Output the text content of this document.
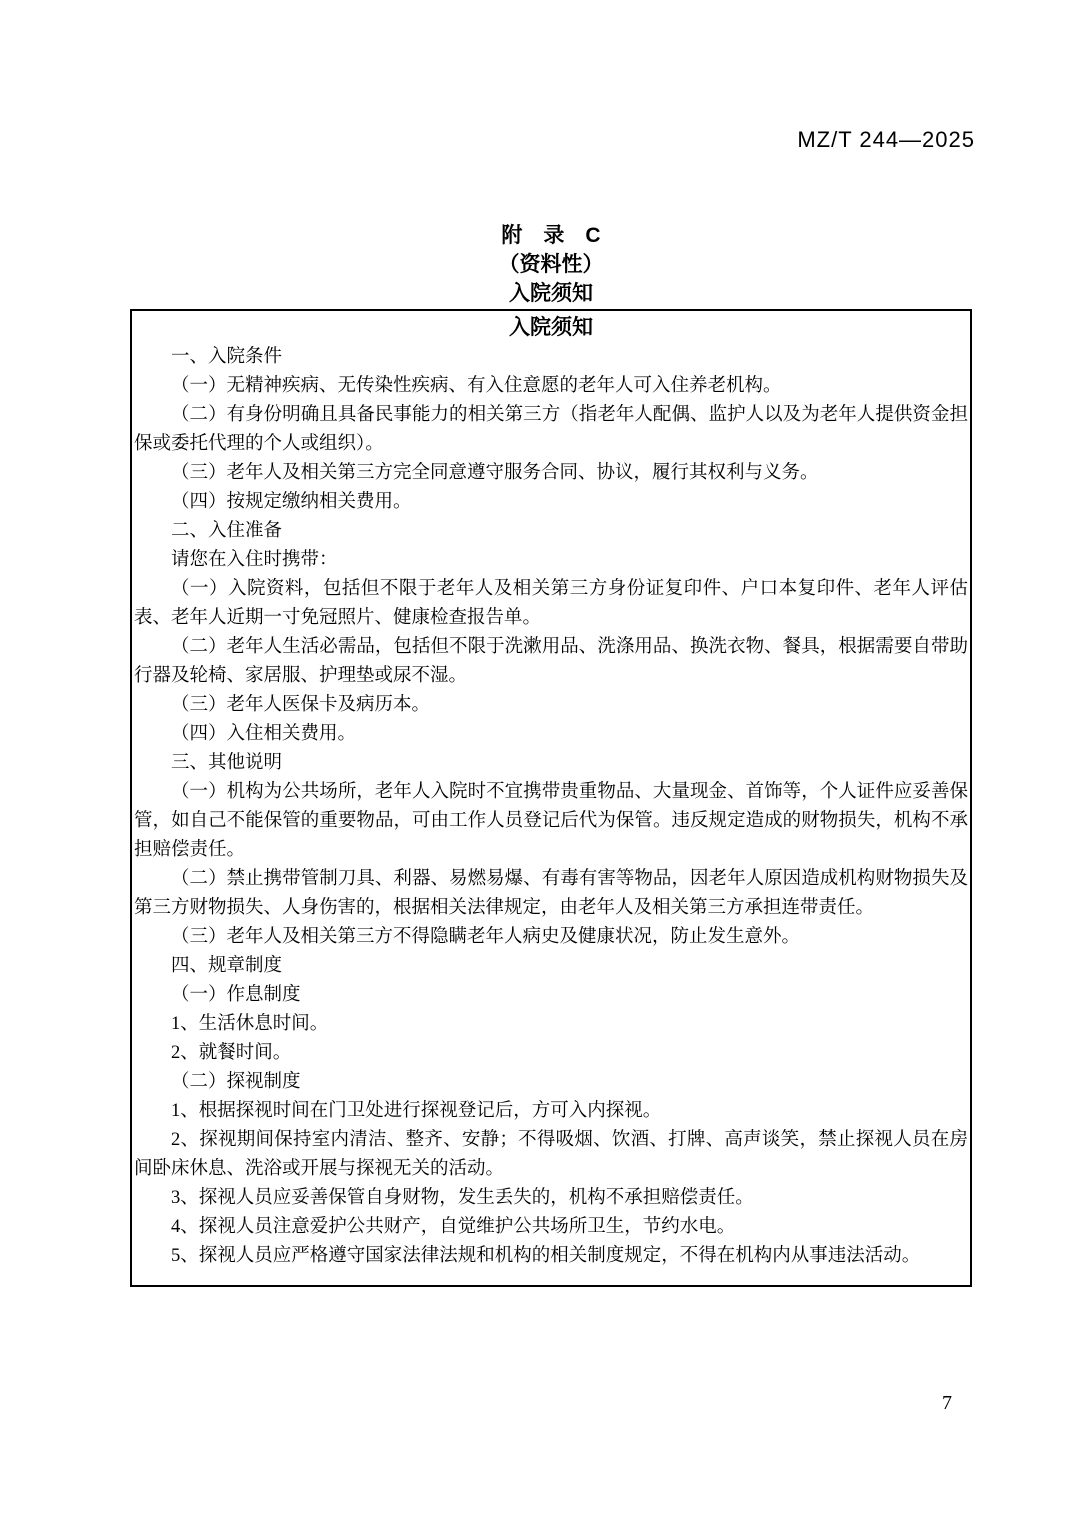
MZ/T 244—2025
附　录　C
（资料性）
入院须知
入院须知

一、入院条件

（一）无精神疾病、无传染性疾病、有入住意愿的老年人可入住养老机构。

（二）有身份明确且具备民事能力的相关第三方（指老年人配偶、监护人以及为老年人提供资金担保或委托代理的个人或组织）。

（三）老年人及相关第三方完全同意遵守服务合同、协议，履行其权利与义务。

（四）按规定缴纳相关费用。

二、入住准备

请您在入住时携带：

（一）入院资料，包括但不限于老年人及相关第三方身份证复印件、户口本复印件、老年人评估表、老年人近期一寸免冠照片、健康检查报告单。

（二）老年人生活必需品，包括但不限于洗漱用品、洗涤用品、换洗衣物、餐具，根据需要自带助行器及轮椅、家居服、护理垫或尿不湿。

（三）老年人医保卡及病历本。

（四）入住相关费用。

三、其他说明

（一）机构为公共场所，老年人入院时不宜携带贵重物品、大量现金、首饰等，个人证件应妥善保管，如自己不能保管的重要物品，可由工作人员登记后代为保管。违反规定造成的财物损失，机构不承担赔偿责任。

（二）禁止携带管制刀具、利器、易燃易爆、有毒有害等物品，因老年人原因造成机构财物损失及第三方财物损失、人身伤害的，根据相关法律规定，由老年人及相关第三方承担连带责任。

（三）老年人及相关第三方不得隐瞒老年人病史及健康状况，防止发生意外。

四、规章制度

（一）作息制度

1、生活休息时间。

2、就餐时间。

（二）探视制度

1、根据探视时间在门卫处进行探视登记后，方可入内探视。

2、探视期间保持室内清洁、整齐、安静；不得吸烟、饮酒、打牌、高声谈笑，禁止探视人员在房间卧床休息、洗浴或开展与探视无关的活动。

3、探视人员应妥善保管自身财物，发生丢失的，机构不承担赔偿责任。

4、探视人员注意爱护公共财产，自觉维护公共场所卫生，节约水电。

5、探视人员应严格遵守国家法律法规和机构的相关制度规定，不得在机构内从事违法活动。

7
